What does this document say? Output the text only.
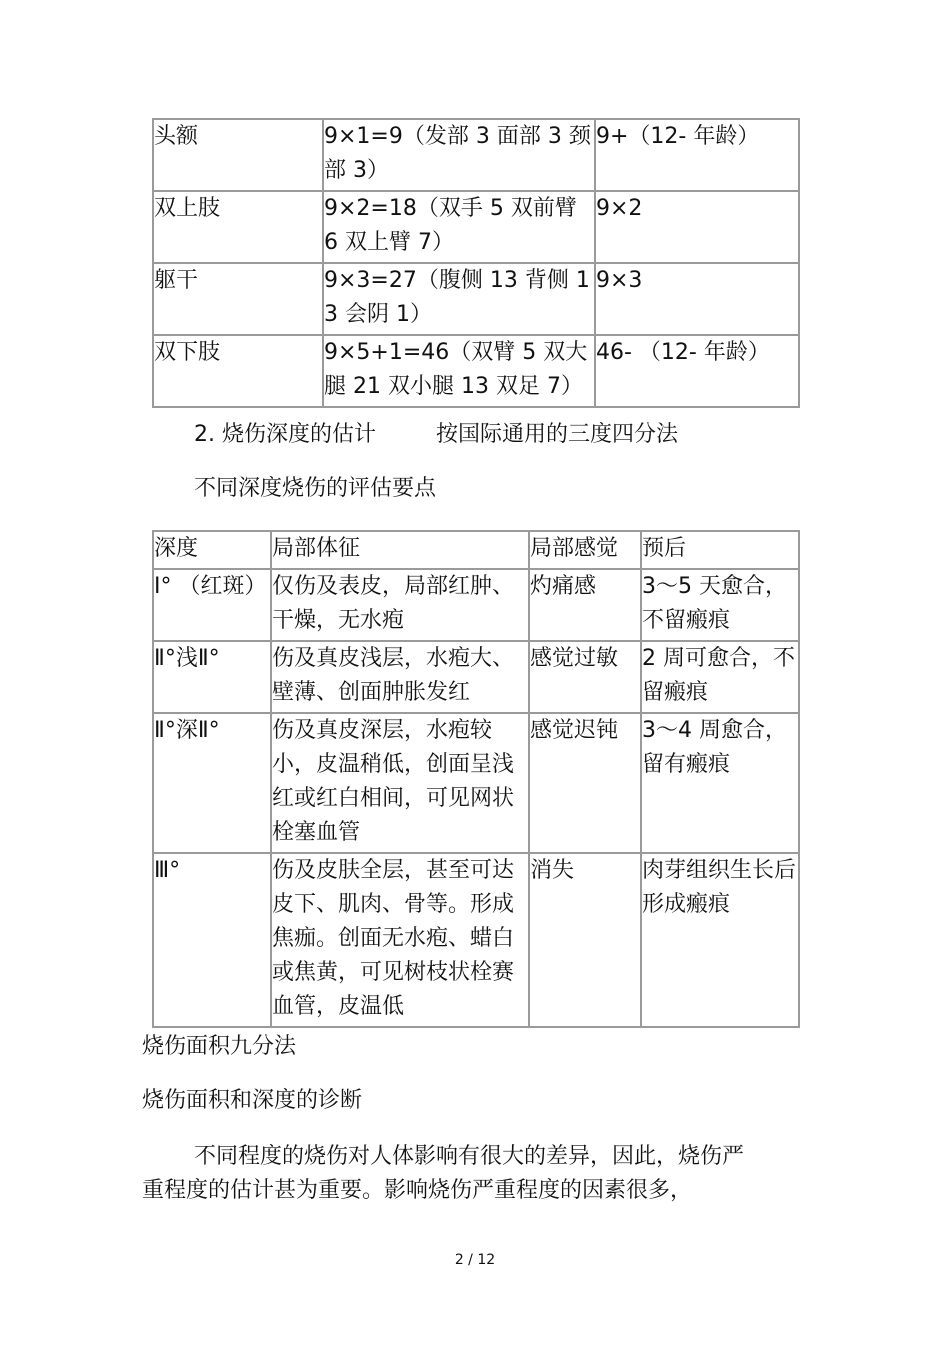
头额	9×1=9（发部 3 面部 3 颈部 3）	9+（12- 年龄）
双上肢	9×2=18（双手 5 双前臂 6 双上臂 7）	9×2
躯干	9×3=27（腹侧 13 背侧 13 会阴 1）	9×3
双下肢	9×5+1=46（双臂 5 双大腿 21 双小腿 13 双足 7）	46- （12- 年龄）
2. 烧伤深度的估计	按国际通用的三度四分法
不同深度烧伤的评估要点
深度	局部体征	局部感觉	预后
Ⅰ° （红斑）	仅伤及表皮，局部红肿、干燥，无水疱	灼痛感	3～5 天愈合，不留瘢痕
Ⅱ°浅Ⅱ°	伤及真皮浅层，水疱大、壁薄、创面肿胀发红	感觉过敏	2 周可愈合，不留瘢痕
Ⅱ°深Ⅱ°	伤及真皮深层，水疱较小，皮温稍低，创面呈浅红或红白相间，可见网状栓塞血管	感觉迟钝	3～4 周愈合，留有瘢痕
Ⅲ°	伤及皮肤全层，甚至可达皮下、肌肉、骨等。形成焦痂。创面无水疱、蜡白或焦黄，可见树枝状栓赛血管，皮温低	消失	肉芽组织生长后形成瘢痕
烧伤面积九分法
烧伤面积和深度的诊断
不同程度的烧伤对人体影响有很大的差异，因此，烧伤严重程度的估计甚为重要。影响烧伤严重程度的因素很多，
2 / 12
